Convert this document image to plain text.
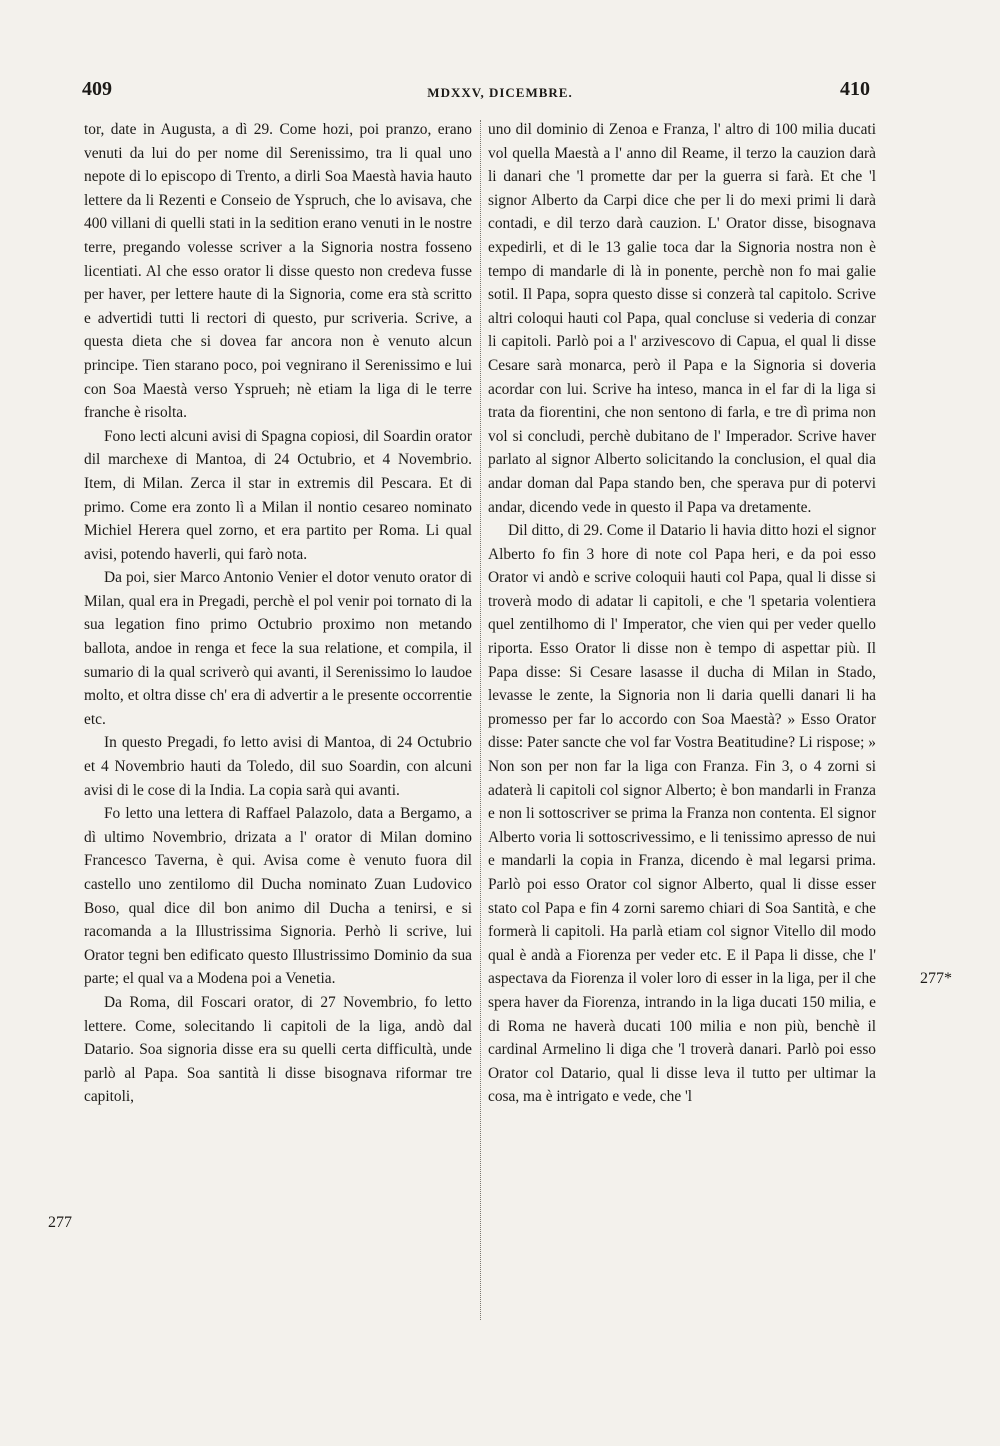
409	MDXXV, DICEMBRE.	410
277
277*

tor, date in Augusta, a dì 29. Come hozi, poi pranzo, erano venuti da lui do per nome dil Serenissimo, tra li qual uno nepote di lo episcopo di Trento, a dirli Soa Maestà havia hauto lettere da li Rezenti e Conseio de Yspruch, che lo avisava, che 400 villani di quelli stati in la sedition erano venuti in le nostre terre, pregando volesse scriver a la Signoria nostra fosseno licentiati. Al che esso orator li disse questo non credeva fusse per haver, per lettere haute di la Signoria, come era stà scritto e advertidi tutti li rectori di questo, pur scriveria. Scrive, a questa dieta che si dovea far ancora non è venuto alcun principe. Tien starano poco, poi vegnirano il Serenissimo e lui con Soa Maestà verso Ysprueh; nè etiam la liga di le terre franche è risolta.

Fono lecti alcuni avisi di Spagna copiosi, dil Soardin orator dil marchexe di Mantoa, di 24 Octubrio, et 4 Novembrio. Item, di Milan. Zerca il star in extremis dil Pescara. Et di primo. Come era zonto lì a Milan il nontio cesareo nominato Michiel Herera quel zorno, et era partito per Roma. Li qual avisi, potendo haverli, qui farò nota.

Da poi, sier Marco Antonio Venier el dotor venuto orator di Milan, qual era in Pregadi, perchè el pol venir poi tornato di la sua legation fino primo Octubrio proximo non metando ballota, andoe in renga et fece la sua relatione, et compila, il sumario di la qual scriverò qui avanti, il Serenissimo lo laudoe molto, et oltra disse ch' era di advertir a le presente occorrentie etc.

In questo Pregadi, fo letto avisi di Mantoa, di 24 Octubrio et 4 Novembrio hauti da Toledo, dil suo Soardin, con alcuni avisi di le cose di la India. La copia sarà qui avanti.

Fo letto una lettera di Raffael Palazolo, data a Bergamo, a dì ultimo Novembrio, drizata a l' orator di Milan domino Francesco Taverna, è qui. Avisa come è venuto fuora dil castello uno zentilomo dil Ducha nominato Zuan Ludovico Boso, qual dice dil bon animo dil Ducha a tenirsi, e si racomanda a la Illustrissima Signoria. Perhò li scrive, lui Orator tegni ben edificato questo Illustrissimo Dominio da sua parte; el qual va a Modena poi a Venetia.

Da Roma, dil Foscari orator, di 27 Novembrio, fo letto lettere. Come, solecitando li capitoli de la liga, andò dal Datario. Soa signoria disse era su quelli certa difficultà, unde parlò al Papa. Soa santità li disse bisognava riformar tre capitoli,

uno dil dominio di Zenoa e Franza, l' altro di 100 milia ducati vol quella Maestà a l' anno dil Reame, il terzo la cauzion darà li danari che 'l promette dar per la guerra si farà. Et che 'l signor Alberto da Carpi dice che per li do mexi primi li darà contadi, e dil terzo darà cauzion. L' Orator disse, bisognava expedirli, et di le 13 galie toca dar la Signoria nostra non è tempo di mandarle di là in ponente, perchè non fo mai galie sotil. Il Papa, sopra questo disse si conzerà tal capitolo. Scrive altri coloqui hauti col Papa, qual concluse si vederia di conzar li capitoli. Parlò poi a l' arzivescovo di Capua, el qual li disse Cesare sarà monarca, però il Papa e la Signoria si doveria acordar con lui. Scrive ha inteso, manca in el far di la liga si trata da fiorentini, che non sentono di farla, e tre dì prima non vol si concludi, perchè dubitano de l' Imperador. Scrive haver parlato al signor Alberto solicitando la conclusion, el qual dia andar doman dal Papa stando ben, che sperava pur di potervi andar, dicendo vede in questo il Papa va dretamente.

Dil ditto, di 29. Come il Datario li havia ditto hozi el signor Alberto fo fin 3 hore di note col Papa heri, e da poi esso Orator vi andò e scrive coloquii hauti col Papa, qual li disse si troverà modo di adatar li capitoli, e che 'l spetaria volentiera quel zentilhomo di l' Imperator, che vien qui per veder quello riporta. Esso Orator li disse non è tempo di aspettar più. Il Papa disse: Si Cesare lasasse il ducha di Milan in Stado, levasse le zente, la Signoria non li daria quelli danari li ha promesso per far lo accordo con Soa Maestà? » Esso Orator disse: Pater sancte che vol far Vostra Beatitudine? Li rispose; » Non son per non far la liga con Franza. Fin 3, o 4 zorni si adaterà li capitoli col signor Alberto; è bon mandarli in Franza e non li sottoscriver se prima la Franza non contenta. El signor Alberto voria li sottoscrivessimo, e li tenissimo apresso de nui e mandarli la copia in Franza, dicendo è mal legarsi prima. Parlò poi esso Orator col signor Alberto, qual li disse esser stato col Papa e fin 4 zorni saremo chiari di Soa Santità, e che formerà li capitoli. Ha parlà etiam col signor Vitello dil modo qual è andà a Fiorenza per veder etc. E il Papa li disse, che l' aspectava da Fiorenza il voler loro di esser in la liga, per il che spera haver da Fiorenza, intrando in la liga ducati 150 milia, e di Roma ne haverà ducati 100 milia e non più, benchè il cardinal Armelino li diga che 'l troverà danari. Parlò poi esso Orator col Datario, qual li disse leva il tutto per ultimar la cosa, ma è intrigato e vede, che 'l
